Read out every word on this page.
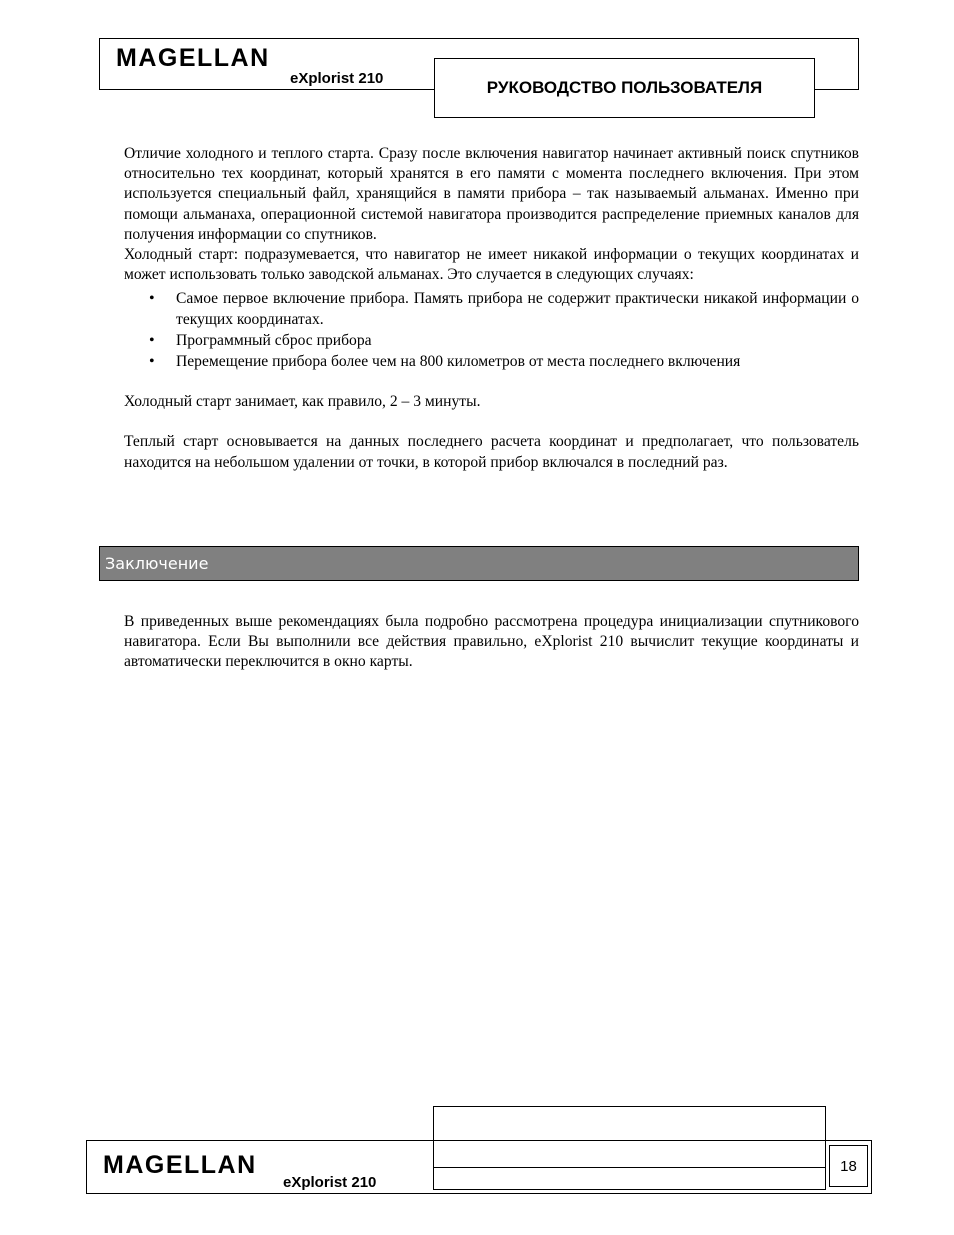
MAGELLAN
eXplorist 210	РУКОВОДСТВО ПОЛЬЗОВАТЕЛЯ

Отличие холодного и теплого старта. Сразу после включения навигатор начинает активный поиск спутников относительно тех координат, который хранятся в его памяти с момента последнего включения. При этом используется специальный файл, хранящийся в памяти прибора – так называемый альманах. Именно при помощи альманаха, операционной системой навигатора производится распределение приемных каналов для получения информации со спутников.

Холодный старт: подразумевается, что навигатор не имеет никакой информации о текущих координатах и может использовать только заводской альманах. Это случается в следующих случаях:

• Самое первое включение прибора. Память прибора не содержит практически никакой информации о текущих координатах.
• Программный сброс прибора
• Перемещение прибора более чем на 800 километров от места последнего включения

Холодный старт занимает, как правило, 2 – 3 минуты.

Теплый старт основывается на данных последнего расчета координат и предполагает, что пользователь находится на небольшом удалении от точки, в которой прибор включался в последний раз.

Заключение

В приведенных выше рекомендациях была подробно рассмотрена процедура инициализации спутникового навигатора. Если Вы выполнили все действия правильно, eXplorist 210 вычислит текущие координаты и автоматически переключится в окно карты.

MAGELLAN
eXplorist 210
18
